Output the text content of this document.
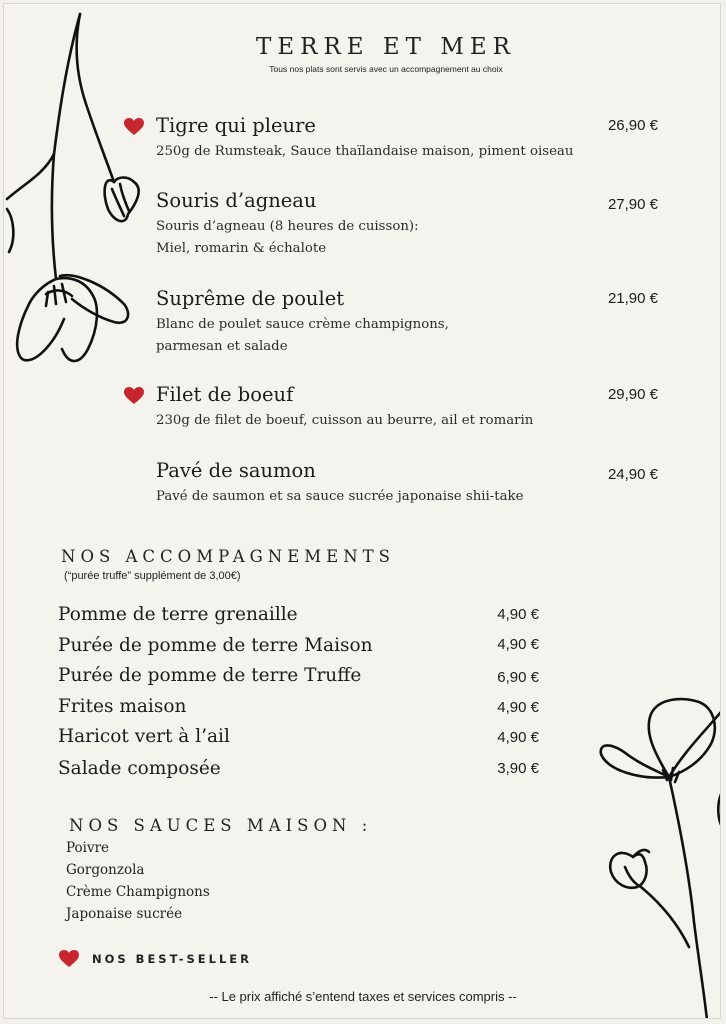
TERRE ET MER
Tous nos plats sont servis avec un accompagnement au choix
Tigre qui pleure
250g de Rumsteak, Sauce thaïlandaise maison, piment oiseau
26,90 €
Souris d’agneau
Souris d’agneau (8 heures de cuisson):
Miel, romarin & échalote
27,90 €
Suprême de poulet
Blanc de poulet sauce crème champignons,
parmesan et salade
21,90 €
Filet de boeuf
230g de filet de boeuf, cuisson au beurre, ail et romarin
29,90 €
Pavé de saumon
Pavé de saumon et sa sauce sucrée japonaise shii-take
24,90 €
NOS ACCOMPAGNEMENTS
(“purée truffe” supplément de 3,00€)
Pomme de terre grenaille	4,90 €
Purée de pomme de terre Maison	4,90 €
Purée de pomme de terre Truffe	6,90 €
Frites maison	4,90 €
Haricot vert à l’ail	4,90 €
Salade composée	3,90 €
NOS SAUCES MAISON :
Poivre
Gorgonzola
Crème Champignons
Japonaise sucrée
NOS BEST-SELLER
-- Le prix affiché s’entend taxes et services compris --
